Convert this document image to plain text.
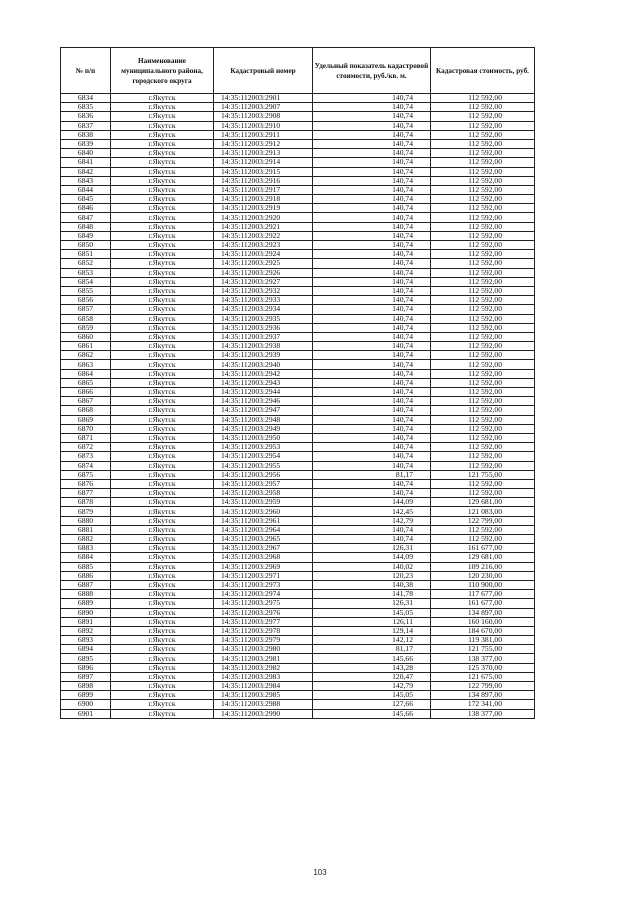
№ п/п	Наименование муниципального района, городского округа	Кадастровый номер	Удельный показатель кадастровой стоимости, руб./кв. м.	Кадастровая стоимость, руб.
6834	г.Якутск	14:35:112003:2901	140,74	112 592,00
6835	г.Якутск	14:35:112003:2907	140,74	112 592,00
6836	г.Якутск	14:35:112003:2908	140,74	112 592,00
6837	г.Якутск	14:35:112003:2910	140,74	112 592,00
6838	г.Якутск	14:35:112003:2911	140,74	112 592,00
6839	г.Якутск	14:35:112003:2912	140,74	112 592,00
6840	г.Якутск	14:35:112003:2913	140,74	112 592,00
6841	г.Якутск	14:35:112003:2914	140,74	112 592,00
6842	г.Якутск	14:35:112003:2915	140,74	112 592,00
6843	г.Якутск	14:35:112003:2916	140,74	112 592,00
6844	г.Якутск	14:35:112003:2917	140,74	112 592,00
6845	г.Якутск	14:35:112003:2918	140,74	112 592,00
6846	г.Якутск	14:35:112003:2919	140,74	112 592,00
6847	г.Якутск	14:35:112003:2920	140,74	112 592,00
6848	г.Якутск	14:35:112003:2921	140,74	112 592,00
6849	г.Якутск	14:35:112003:2922	140,74	112 592,00
6850	г.Якутск	14:35:112003:2923	140,74	112 592,00
6851	г.Якутск	14:35:112003:2924	140,74	112 592,00
6852	г.Якутск	14:35:112003:2925	140,74	112 592,00
6853	г.Якутск	14:35:112003:2926	140,74	112 592,00
6854	г.Якутск	14:35:112003:2927	140,74	112 592,00
6855	г.Якутск	14:35:112003:2932	140,74	112 592,00
6856	г.Якутск	14:35:112003:2933	140,74	112 592,00
6857	г.Якутск	14:35:112003:2934	140,74	112 592,00
6858	г.Якутск	14:35:112003:2935	140,74	112 592,00
6859	г.Якутск	14:35:112003:2936	140,74	112 592,00
6860	г.Якутск	14:35:112003:2937	140,74	112 592,00
6861	г.Якутск	14:35:112003:2938	140,74	112 592,00
6862	г.Якутск	14:35:112003:2939	140,74	112 592,00
6863	г.Якутск	14:35:112003:2940	140,74	112 592,00
6864	г.Якутск	14:35:112003:2942	140,74	112 592,00
6865	г.Якутск	14:35:112003:2943	140,74	112 592,00
6866	г.Якутск	14:35:112003:2944	140,74	112 592,00
6867	г.Якутск	14:35:112003:2946	140,74	112 592,00
6868	г.Якутск	14:35:112003:2947	140,74	112 592,00
6869	г.Якутск	14:35:112003:2948	140,74	112 592,00
6870	г.Якутск	14:35:112003:2949	140,74	112 592,00
6871	г.Якутск	14:35:112003:2950	140,74	112 592,00
6872	г.Якутск	14:35:112003:2953	140,74	112 592,00
6873	г.Якутск	14:35:112003:2954	140,74	112 592,00
6874	г.Якутск	14:35:112003:2955	140,74	112 592,00
6875	г.Якутск	14:35:112003:2956	81,17	121 755,00
6876	г.Якутск	14:35:112003:2957	140,74	112 592,00
6877	г.Якутск	14:35:112003:2958	140,74	112 592,00
6878	г.Якутск	14:35:112003:2959	144,09	129 681,00
6879	г.Якутск	14:35:112003:2960	142,45	121 083,00
6880	г.Якутск	14:35:112003:2961	142,79	122 799,00
6881	г.Якутск	14:35:112003:2964	140,74	112 592,00
6882	г.Якутск	14:35:112003:2965	140,74	112 592,00
6883	г.Якутск	14:35:112003:2967	126,31	161 677,00
6884	г.Якутск	14:35:112003:2968	144,09	129 681,00
6885	г.Якутск	14:35:112003:2969	140,02	109 216,00
6886	г.Якутск	14:35:112003:2971	120,23	120 230,00
6887	г.Якутск	14:35:112003:2973	140,38	110 900,00
6888	г.Якутск	14:35:112003:2974	141,78	117 677,00
6889	г.Якутск	14:35:112003:2975	126,31	161 677,00
6890	г.Якутск	14:35:112003:2976	145,05	134 897,00
6891	г.Якутск	14:35:112003:2977	126,11	160 160,00
6892	г.Якутск	14:35:112003:2978	129,14	184 670,00
6893	г.Якутск	14:35:112003:2979	142,12	119 381,00
6894	г.Якутск	14:35:112003:2980	81,17	121 755,00
6895	г.Якутск	14:35:112003:2981	145,66	138 377,00
6896	г.Якутск	14:35:112003:2982	143,28	125 370,00
6897	г.Якутск	14:35:112003:2983	120,47	121 675,00
6898	г.Якутск	14:35:112003:2984	142,79	122 799,00
6899	г.Якутск	14:35:112003:2985	145,05	134 897,00
6900	г.Якутск	14:35:112003:2988	127,66	172 341,00
6901	г.Якутск	14:35:112003:2990	145,66	138 377,00
103
